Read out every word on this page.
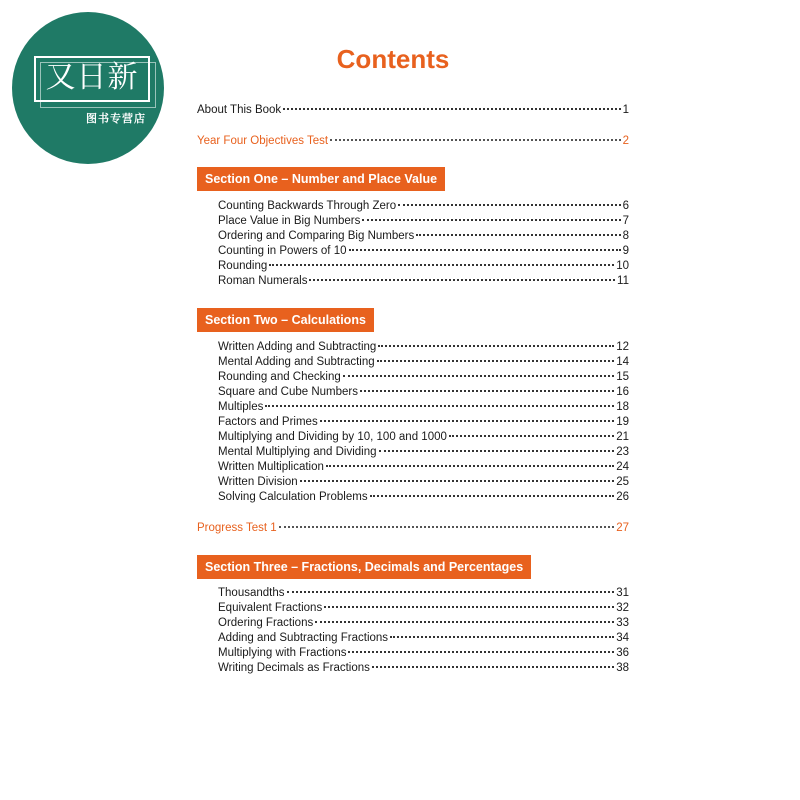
又日新
图书专营店
Contents
About This Book	1
Year Four Objectives Test	2
Section One – Number and Place Value
Counting Backwards Through Zero	6
Place Value in Big Numbers	7
Ordering and Comparing Big Numbers	8
Counting in Powers of 10	9
Rounding	10
Roman Numerals	11
Section Two – Calculations
Written Adding and Subtracting	12
Mental Adding and Subtracting	14
Rounding and Checking	15
Square and Cube Numbers	16
Multiples	18
Factors and Primes	19
Multiplying and Dividing by 10, 100 and 1000	21
Mental Multiplying and Dividing	23
Written Multiplication	24
Written Division	25
Solving Calculation Problems	26
Progress Test 1	27
Section Three – Fractions, Decimals and Percentages
Thousandths	31
Equivalent Fractions	32
Ordering Fractions	33
Adding and Subtracting Fractions	34
Multiplying with Fractions	36
Writing Decimals as Fractions	38
